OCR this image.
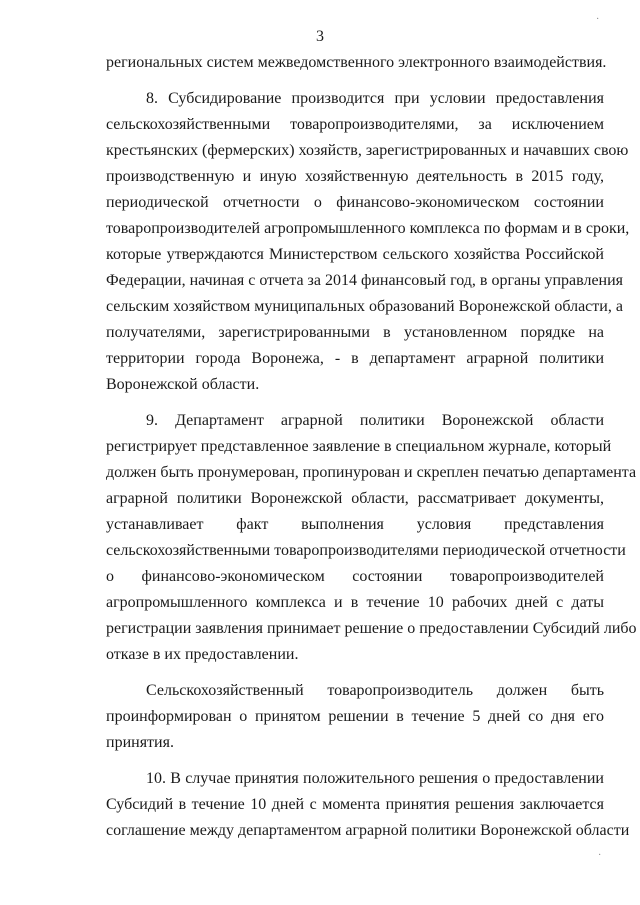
3
·
·

региональных систем межведомственного электронного взаимодействия.

8. Субсидирование производится при условии предоставления
сельскохозяйственными товаропроизводителями, за исключением
крестьянских (фермерских) хозяйств, зарегистрированных и начавших свою
производственную и иную хозяйственную деятельность в 2015 году,
периодической отчетности о финансово-экономическом состоянии
товаропроизводителей агропромышленного комплекса по формам и в сроки,
которые утверждаются Министерством сельского хозяйства Российской
Федерации, начиная с отчета за 2014 финансовый год, в органы управления
сельским хозяйством муниципальных образований Воронежской области, а
получателями, зарегистрированными в установленном порядке на
территории города Воронежа, - в департамент аграрной политики
Воронежской области.

9. Департамент аграрной политики Воронежской области
регистрирует представленное заявление в специальном журнале, который
должен быть пронумерован, пропинурован и скреплен печатью департамента
аграрной политики Воронежской области, рассматривает документы,
устанавливает факт выполнения условия представления
сельскохозяйственными товаропроизводителями периодической отчетности
о финансово-экономическом состоянии товаропроизводителей
агропромышленного комплекса и в течение 10 рабочих дней с даты
регистрации заявления принимает решение о предоставлении Субсидий либо
отказе в их предоставлении.

Сельскохозяйственный товаропроизводитель должен быть
проинформирован о принятом решении в течение 5 дней со дня его
принятия.

10. В случае принятия положительного решения о предоставлении
Субсидий в течение 10 дней с момента принятия решения заключается
соглашение между департаментом аграрной политики Воронежской области
